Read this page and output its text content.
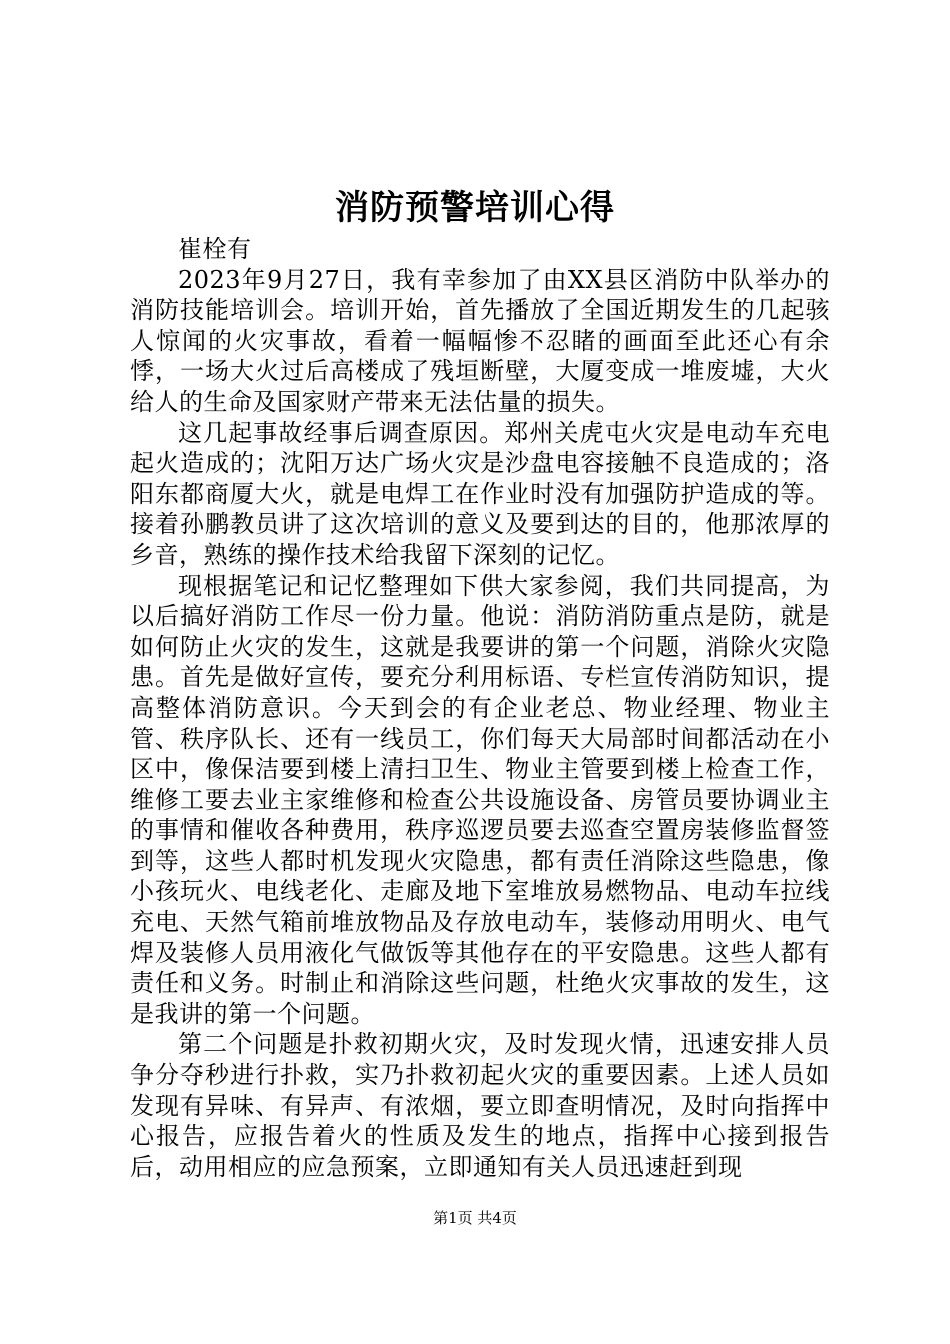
消防预警培训心得

崔栓有

2023年9月27日，我有幸参加了由XX县区消防中队举办的消防技能培训会。培训开始，首先播放了全国近期发生的几起骇人惊闻的火灾事故，看着一幅幅惨不忍睹的画面至此还心有余悸，一场大火过后高楼成了残垣断壁，大厦变成一堆废墟，大火给人的生命及国家财产带来无法估量的损失。

这几起事故经事后调查原因。郑州关虎屯火灾是电动车充电起火造成的；沈阳万达广场火灾是沙盘电容接触不良造成的；洛阳东都商厦大火，就是电焊工在作业时没有加强防护造成的等。接着孙鹏教员讲了这次培训的意义及要到达的目的，他那浓厚的乡音，熟练的操作技术给我留下深刻的记忆。

现根据笔记和记忆整理如下供大家参阅，我们共同提高，为以后搞好消防工作尽一份力量。他说：消防消防重点是防，就是如何防止火灾的发生，这就是我要讲的第一个问题，消除火灾隐患。首先是做好宣传，要充分利用标语、专栏宣传消防知识，提高整体消防意识。今天到会的有企业老总、物业经理、物业主管、秩序队长、还有一线员工，你们每天大局部时间都活动在小区中，像保洁要到楼上清扫卫生、物业主管要到楼上检查工作，维修工要去业主家维修和检查公共设施设备、房管员要协调业主的事情和催收各种费用，秩序巡逻员要去巡查空置房装修监督签到等，这些人都时机发现火灾隐患，都有责任消除这些隐患，像小孩玩火、电线老化、走廊及地下室堆放易燃物品、电动车拉线充电、天然气箱前堆放物品及存放电动车，装修动用明火、电气焊及装修人员用液化气做饭等其他存在的平安隐患。这些人都有责任和义务。时制止和消除这些问题，杜绝火灾事故的发生，这是我讲的第一个问题。

第二个问题是扑救初期火灾，及时发现火情，迅速安排人员争分夺秒进行扑救，实乃扑救初起火灾的重要因素。上述人员如发现有异味、有异声、有浓烟，要立即查明情况，及时向指挥中心报告，应报告着火的性质及发生的地点，指挥中心接到报告后，动用相应的应急预案，立即通知有关人员迅速赶到现

第1页 共4页
